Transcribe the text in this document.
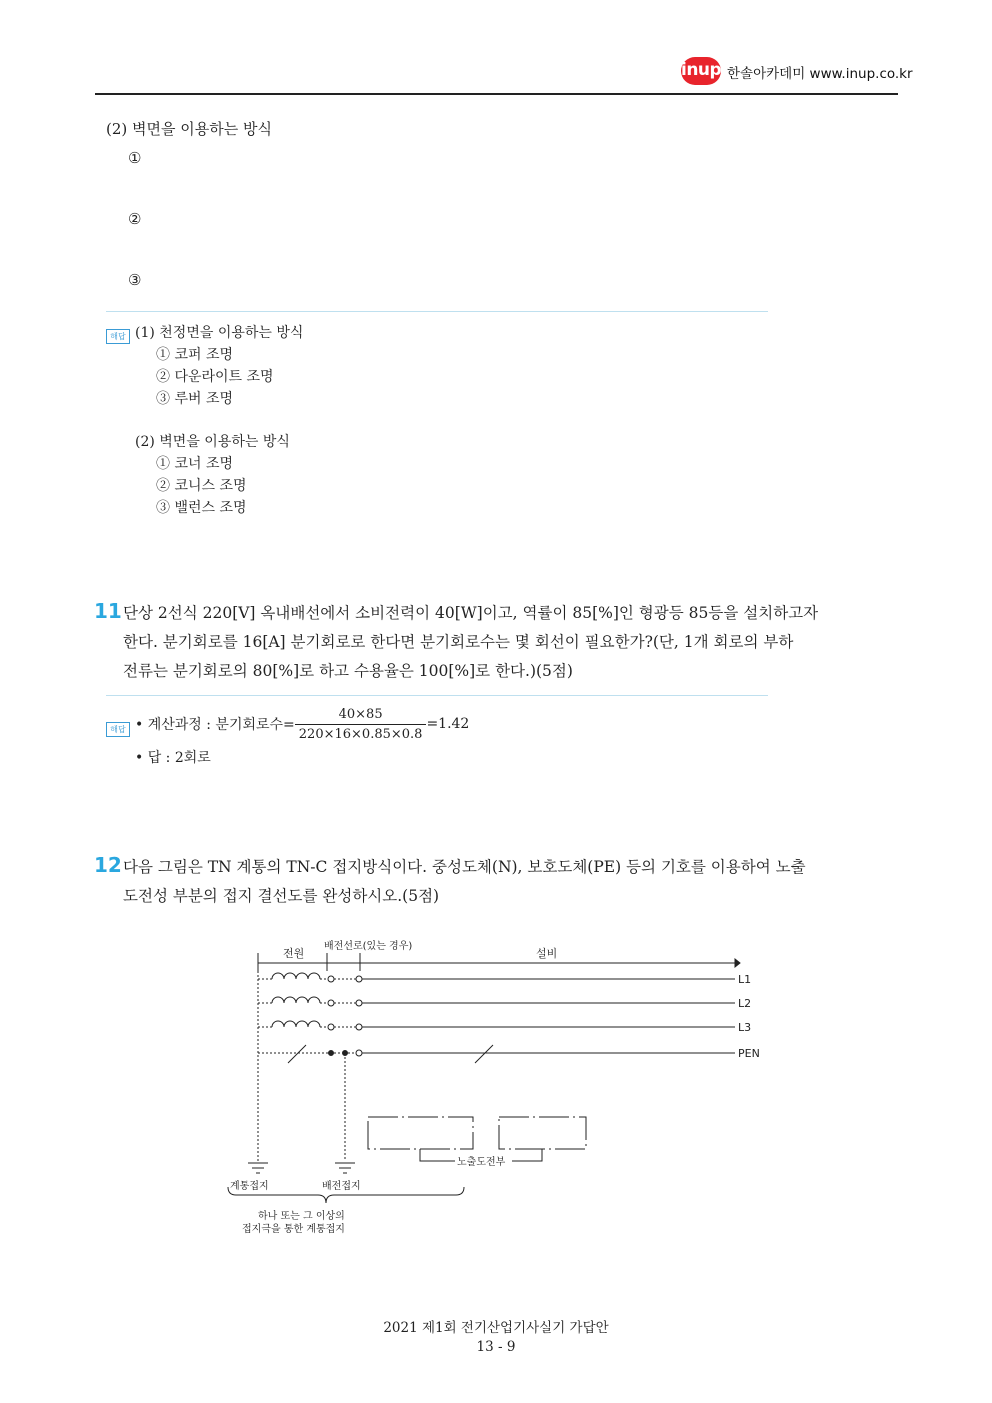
inup 한솔아카데미 www.inup.co.kr
(2) 벽면을 이용하는 방식
①
②
③
해답 (1) 천정면을 이용하는 방식
① 코퍼 조명
② 다운라이트 조명
③ 루버 조명
(2) 벽면을 이용하는 방식
① 코너 조명
② 코니스 조명
③ 밸런스 조명
11 단상 2선식 220[V] 옥내배선에서 소비전력이 40[W]이고, 역률이 85[%]인 형광등 85등을 설치하고자
한다. 분기회로를 16[A] 분기회로로 한다면 분기회로수는 몇 회선이 필요한가?(단, 1개 회로의 부하
전류는 분기회로의 80[%]로 하고 수용율은 100[%]로 한다.)(5점)
해답 • 계산과정 : 분기회로수= $\frac{40\times 85}{220\times 16\times 0.85\times 0.8} =1.42$
• 답 : 2회로
12 다음 그림은 TN 계통의 TN-C 접지방식이다. 중성도체(N), 보호도체(PE) 등의 기호를 이용하여 노출
도전성 부분의 접지 결선도를 완성하시오.(5점)
전원
배전선로(있는 경우)
설비
L1
L2
L3
PEN
노출도전부
계통접지	배전접지
하나 또는 그 이상의
접지극을 통한 계통접지
2021 제1회 전기산업기사실기 가답안
13 - 9
